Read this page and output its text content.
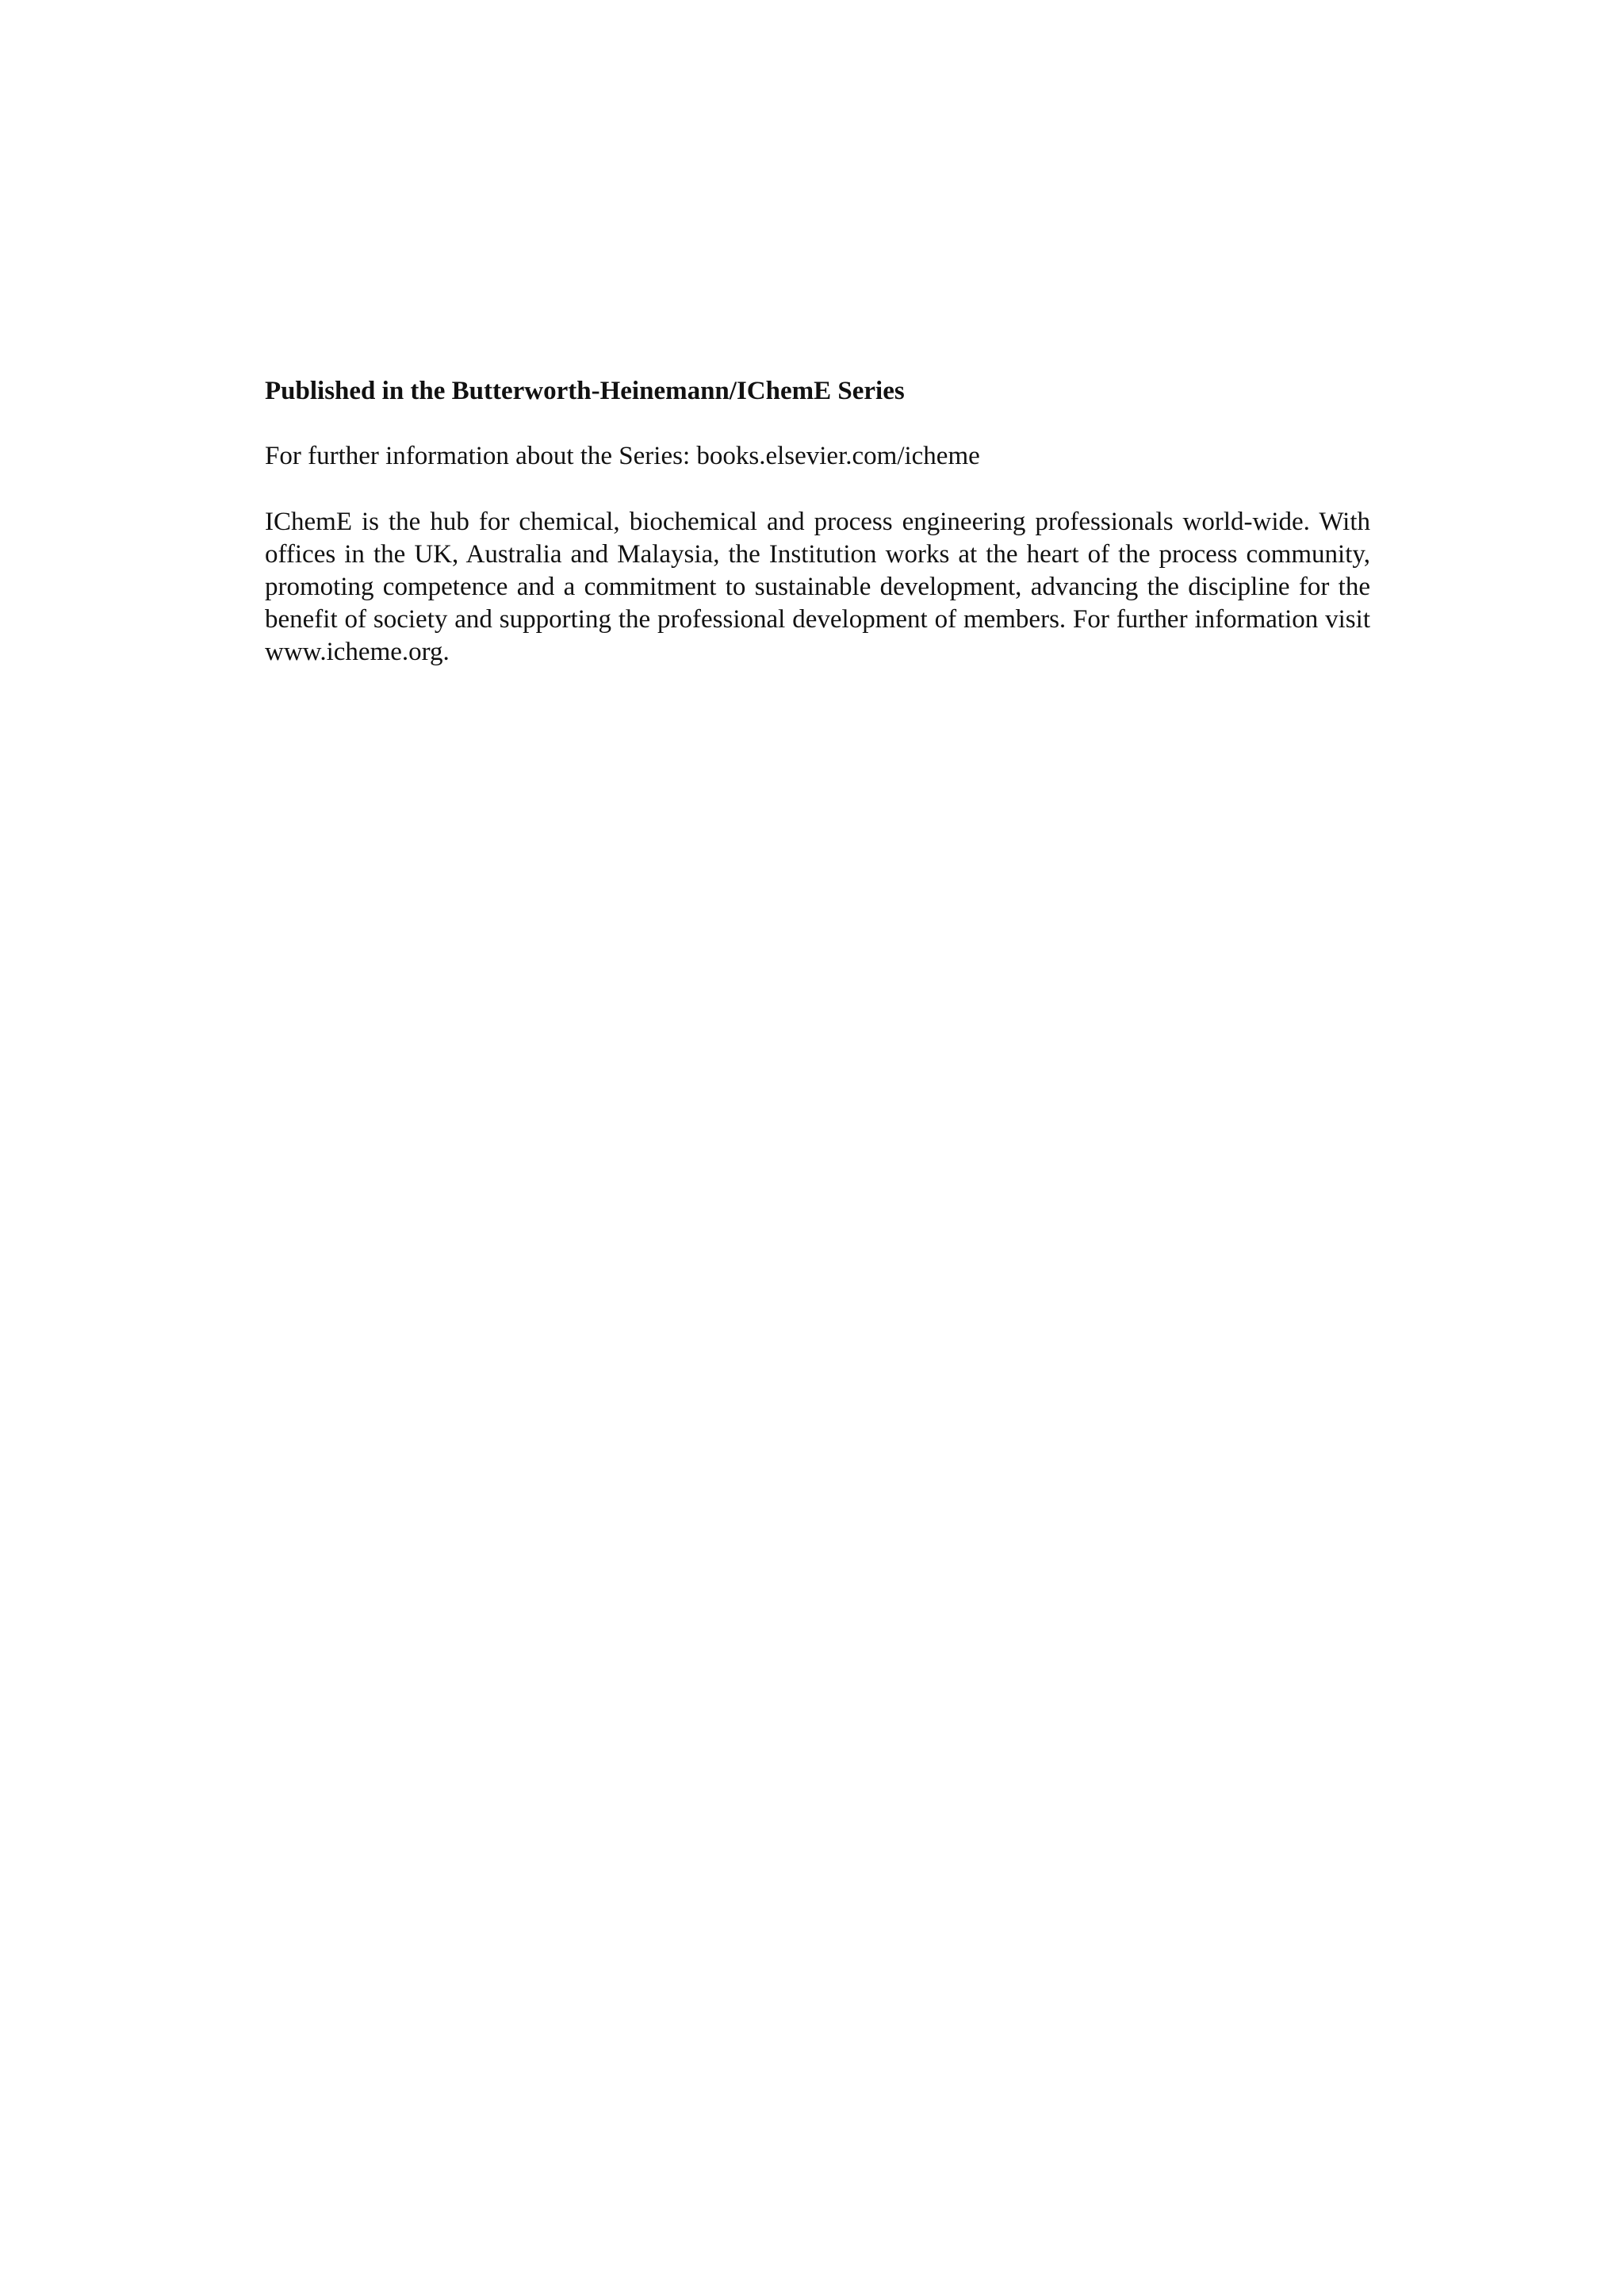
Published in the Butterworth-Heinemann/IChemE Series

For further information about the Series: books.elsevier.com/icheme

IChemE is the hub for chemical, biochemical and process engineering professionals world-wide. With offices in the UK, Australia and Malaysia, the Institution works at the heart of the process community, promoting competence and a commitment to sustainable development, advancing the discipline for the benefit of society and supporting the professional development of members. For further information visit www.icheme.org.
